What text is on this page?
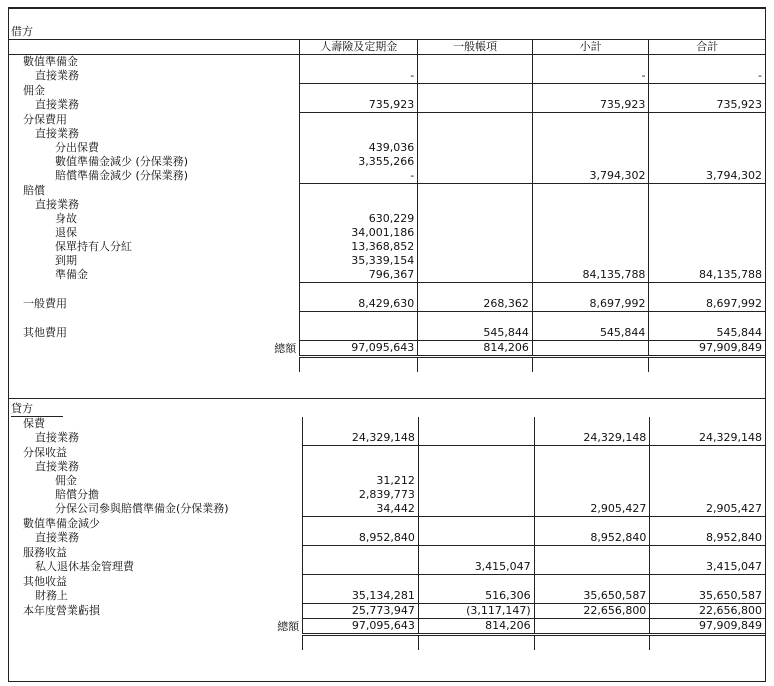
借方
	人壽險及定期金	一般帳項	小計	合計
數值準備金				
直接業務	-		-	-
佣金				
直接業務	735,923		735,923	735,923
分保費用				
直接業務				
分出保費	439,036			
數值準備金減少 (分保業務)	3,355,266			
賠償準備金減少 (分保業務)	-		3,794,302	3,794,302
賠償				
直接業務				
身故	630,229			
退保	34,001,186			
保單持有人分紅	13,368,852			
到期	35,339,154			
準備金	796,367		84,135,788	84,135,788

一般費用	8,429,630	268,362	8,697,992	8,697,992

其他費用		545,844	545,844	545,844
總額	97,095,643	814,206		97,909,849

貸方
保費				
直接業務	24,329,148		24,329,148	24,329,148
分保收益				
直接業務				
佣金	31,212			
賠償分擔	2,839,773			
分保公司參與賠償準備金(分保業務)	34,442		2,905,427	2,905,427
數值準備金減少				
直接業務	8,952,840		8,952,840	8,952,840
服務收益				
私人退休基金管理費		3,415,047		3,415,047
其他收益				
財務上	35,134,281	516,306	35,650,587	35,650,587
本年度營業虧損	25,773,947	(3,117,147)	22,656,800	22,656,800
總額	97,095,643	814,206		97,909,849
